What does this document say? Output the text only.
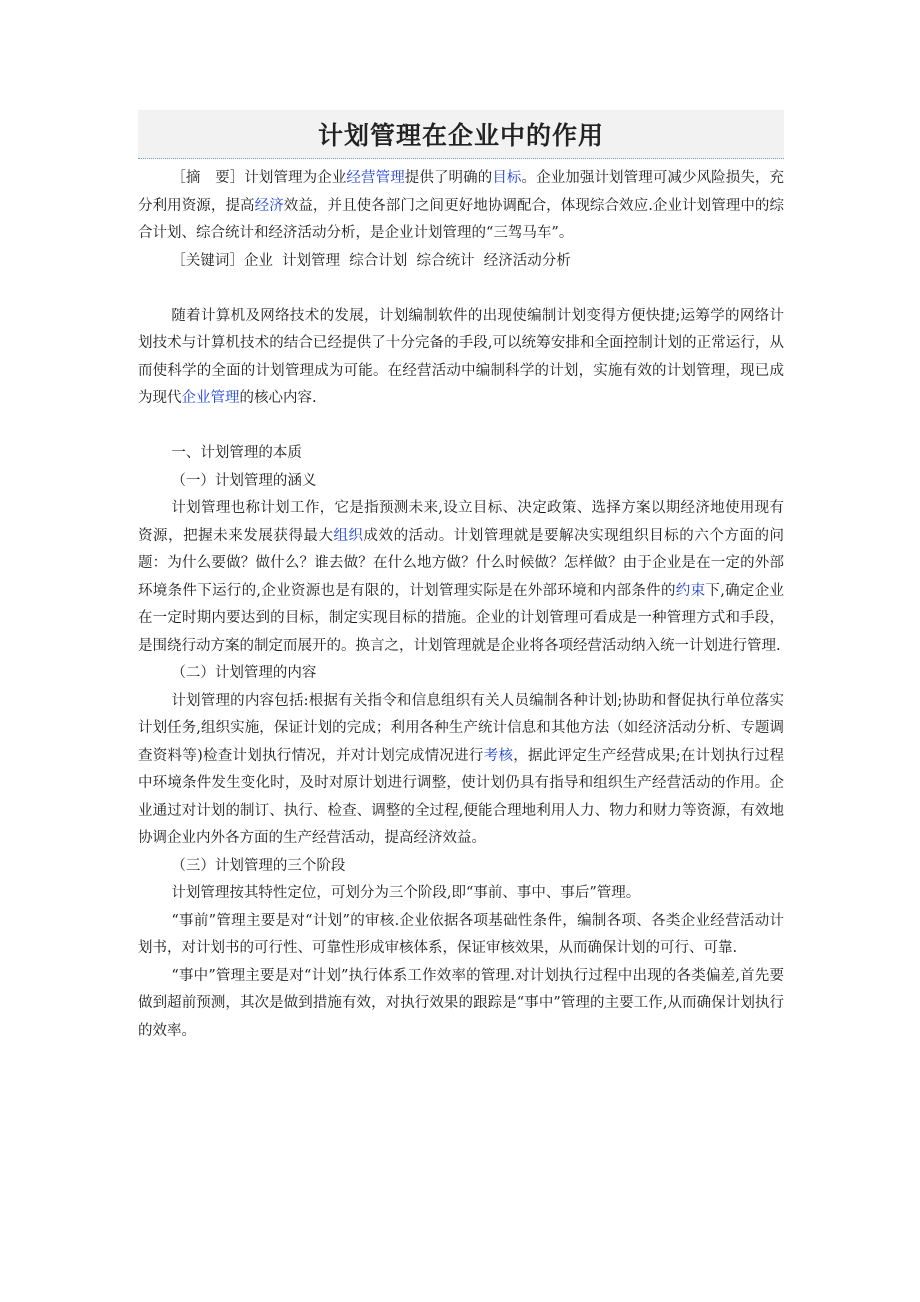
计划管理在企业中的作用

［摘　要］计划管理为企业经营管理提供了明确的目标。企业加强计划管理可减少风险损失，充分利用资源，提高经济效益，并且使各部门之间更好地协调配合，体现综合效应.企业计划管理中的综合计划、综合统计和经济活动分析，是企业计划管理的“三驾马车”。

［关键词］企业  计划管理  综合计划  综合统计  经济活动分析

随着计算机及网络技术的发展，计划编制软件的出现使编制计划变得方便快捷;运筹学的网络计划技术与计算机技术的结合已经提供了十分完备的手段,可以统筹安排和全面控制计划的正常运行，从而使科学的全面的计划管理成为可能。在经营活动中编制科学的计划，实施有效的计划管理，现已成为现代企业管理的核心内容.

一、计划管理的本质

（一）计划管理的涵义

计划管理也称计划工作，它是指预测未来,设立目标、决定政策、选择方案以期经济地使用现有资源，把握未来发展获得最大组织成效的活动。计划管理就是要解决实现组织目标的六个方面的问题：为什么要做？做什么？谁去做？在什么地方做？什么时候做？怎样做？由于企业是在一定的外部环境条件下运行的,企业资源也是有限的，计划管理实际是在外部环境和内部条件的约束下,确定企业在一定时期内要达到的目标，制定实现目标的措施。企业的计划管理可看成是一种管理方式和手段，是围绕行动方案的制定而展开的。换言之，计划管理就是企业将各项经营活动纳入统一计划进行管理.

（二）计划管理的内容

计划管理的内容包括:根据有关指令和信息组织有关人员编制各种计划;协助和督促执行单位落实计划任务,组织实施，保证计划的完成；利用各种生产统计信息和其他方法（如经济活动分析、专题调查资料等)检查计划执行情况，并对计划完成情况进行考核，据此评定生产经营成果;在计划执行过程中环境条件发生变化时，及时对原计划进行调整，使计划仍具有指导和组织生产经营活动的作用。企业通过对计划的制订、执行、检查、调整的全过程,便能合理地利用人力、物力和财力等资源，有效地协调企业内外各方面的生产经营活动，提高经济效益。

（三）计划管理的三个阶段

计划管理按其特性定位，可划分为三个阶段,即“事前、事中、事后”管理。

“事前”管理主要是对“计划”的审核.企业依据各项基础性条件，编制各项、各类企业经营活动计划书，对计划书的可行性、可靠性形成审核体系，保证审核效果，从而确保计划的可行、可靠.

“事中”管理主要是对“计划”执行体系工作效率的管理.对计划执行过程中出现的各类偏差,首先要做到超前预测，其次是做到措施有效，对执行效果的跟踪是“事中”管理的主要工作,从而确保计划执行的效率。
